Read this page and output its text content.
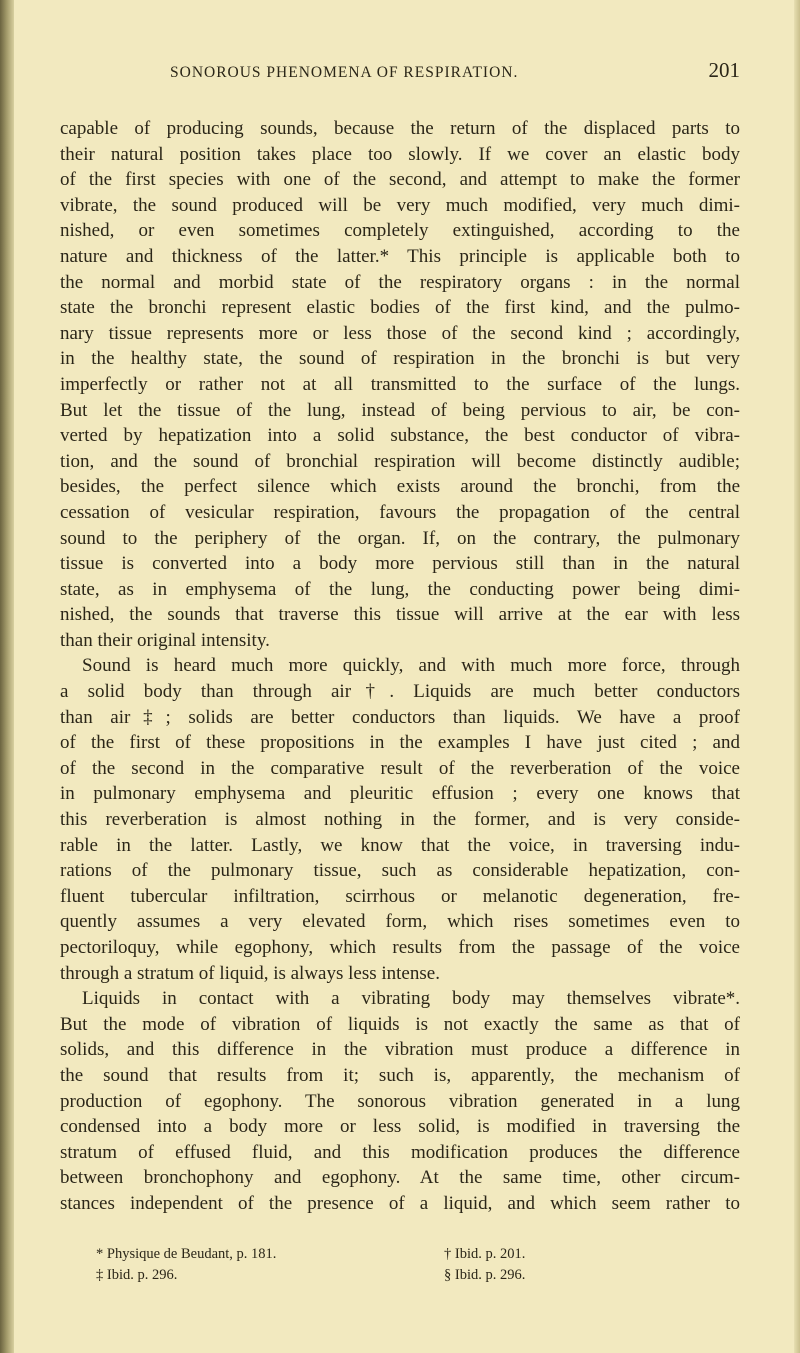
SONOROUS PHENOMENA OF RESPIRATION.	201
capable of producing sounds, because the return of the displaced parts to
their natural position takes place too slowly. If we cover an elastic body
of the first species with one of the second, and attempt to make the former
vibrate, the sound produced will be very much modified, very much dimi-
nished, or even sometimes completely extinguished, according to the
nature and thickness of the latter.* This principle is applicable both to
the normal and morbid state of the respiratory organs : in the normal
state the bronchi represent elastic bodies of the first kind, and the pulmo-
nary tissue represents more or less those of the second kind ; accordingly,
in the healthy state, the sound of respiration in the bronchi is but very
imperfectly or rather not at all transmitted to the surface of the lungs.
But let the tissue of the lung, instead of being pervious to air, be con-
verted by hepatization into a solid substance, the best conductor of vibra-
tion, and the sound of bronchial respiration will become distinctly audible;
besides, the perfect silence which exists around the bronchi, from the
cessation of vesicular respiration, favours the propagation of the central
sound to the periphery of the organ. If, on the contrary, the pulmonary
tissue is converted into a body more pervious still than in the natural
state, as in emphysema of the lung, the conducting power being dimi-
nished, the sounds that traverse this tissue will arrive at the ear with less
than their original intensity.
Sound is heard much more quickly, and with much more force, through
a solid body than through air†. Liquids are much better conductors
than air‡; solids are better conductors than liquids. We have a proof
of the first of these propositions in the examples I have just cited ; and
of the second in the comparative result of the reverberation of the voice
in pulmonary emphysema and pleuritic effusion ; every one knows that
this reverberation is almost nothing in the former, and is very conside-
rable in the latter. Lastly, we know that the voice, in traversing indu-
rations of the pulmonary tissue, such as considerable hepatization, con-
fluent tubercular infiltration, scirrhous or melanotic degeneration, fre-
quently assumes a very elevated form, which rises sometimes even to
pectoriloquy, while egophony, which results from the passage of the voice
through a stratum of liquid, is always less intense.
Liquids in contact with a vibrating body may themselves vibrate*.
But the mode of vibration of liquids is not exactly the same as that of
solids, and this difference in the vibration must produce a difference in
the sound that results from it; such is, apparently, the mechanism of
production of egophony. The sonorous vibration generated in a lung
condensed into a body more or less solid, is modified in traversing the
stratum of effused fluid, and this modification produces the difference
between bronchophony and egophony. At the same time, other circum-
stances independent of the presence of a liquid, and which seem rather to
* Physique de Beudant, p. 181.
‡ Ibid. p. 296.
† Ibid. p. 201.
§ Ibid. p. 296.
